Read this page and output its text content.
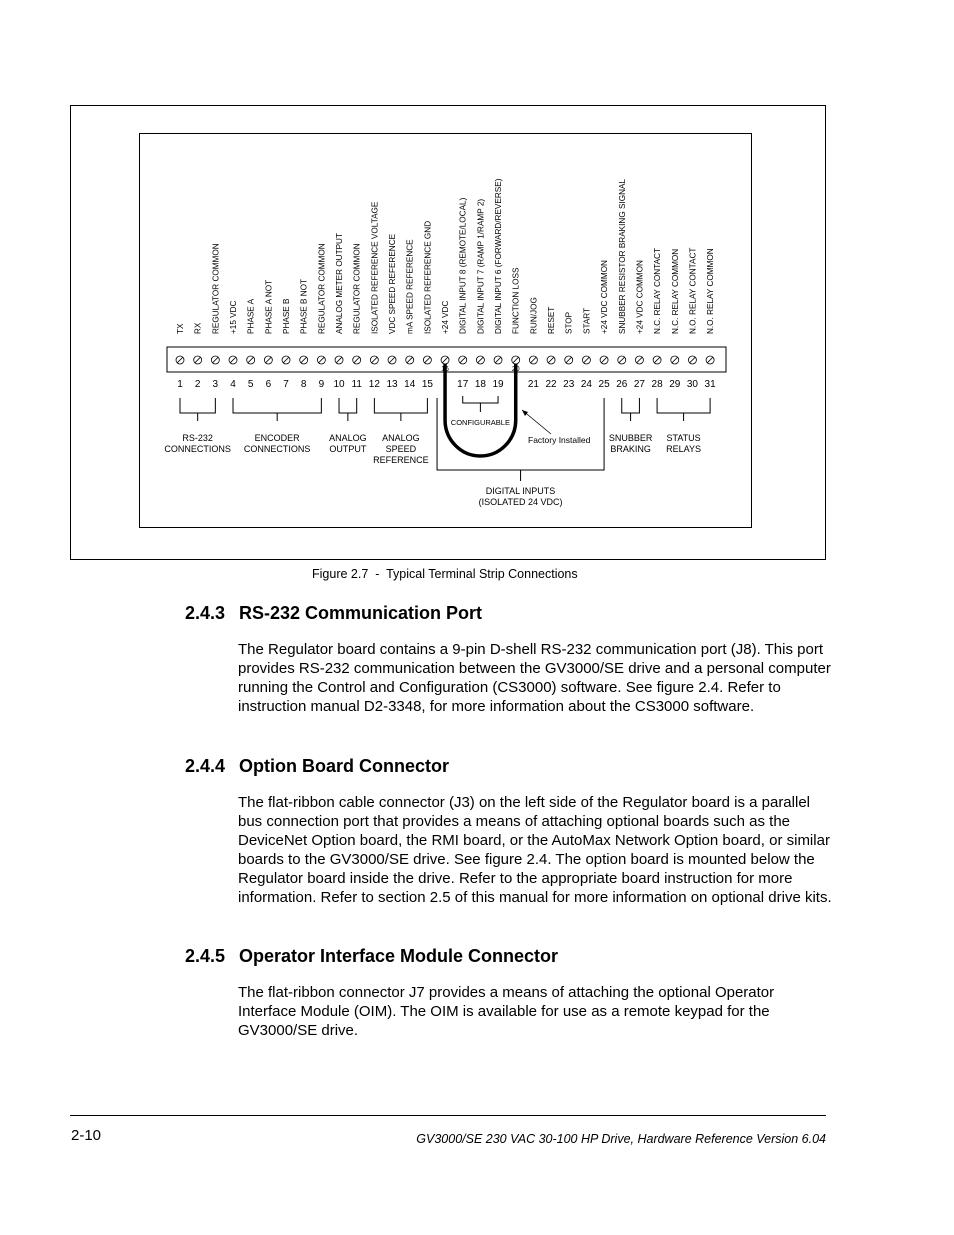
1
TX
2
RX
3
REGULATOR COMMON
4
+15 VDC
5
PHASE A
6
PHASE A NOT
7
PHASE B
8
PHASE B NOT
9
REGULATOR COMMON
10
ANALOG METER OUTPUT
11
REGULATOR COMMON
12
ISOLATED REFERENCE VOLTAGE
13
VDC SPEED REFERENCE
14
mA SPEED REFERENCE
15
ISOLATED REFERENCE GND
16
+24 VDC
17
DIGITAL INPUT 8 (REMOTE/LOCAL)
18
DIGITAL INPUT 7 (RAMP 1/RAMP 2)
19
DIGITAL INPUT 6 (FORWARD/REVERSE)
20
FUNCTION LOSS
21
RUN/JOG
22
RESET
23
STOP
24
START
25
+24 VDC COMMON
26
SNUBBER RESISTOR BRAKING SIGNAL
27
+24 VDC COMMON
28
N.C. RELAY CONTACT
29
N.C. RELAY COMMON
30
N.O. RELAY CONTACT
31
N.O. RELAY COMMON
RS-232
CONNECTIONS
ENCODER
CONNECTIONS
ANALOG
OUTPUT
ANALOG
SPEED
REFERENCE
SNUBBER
BRAKING
STATUS
RELAYS
CONFIGURABLE
Factory Installed
DIGITAL INPUTS
(ISOLATED 24 VDC)
Figure 2.7  -  Typical Terminal Strip Connections
2.4.3 RS-232 Communication Port
The Regulator board contains a 9-pin D-shell RS-232 communication port (J8). This port provides RS-232 communication between the GV3000/SE drive and a personal computer running the Control and Configuration (CS3000) software. See figure 2.4. Refer to instruction manual D2-3348, for more information about the CS3000 software.
2.4.4 Option Board Connector
The flat-ribbon cable connector (J3) on the left side of the Regulator board is a parallel bus connection port that provides a means of attaching optional boards such as the DeviceNet Option board, the RMI board, or the AutoMax Network Option board, or similar boards to the GV3000/SE drive. See figure 2.4. The option board is mounted below the Regulator board inside the drive. Refer to the appropriate board instruction for more information. Refer to section 2.5 of this manual for more information on optional drive kits.
2.4.5 Operator Interface Module Connector
The flat-ribbon connector J7 provides a means of attaching the optional Operator Interface Module (OIM). The OIM is available for use as a remote keypad for the GV3000/SE drive.
2-10	GV3000/SE 230 VAC 30-100 HP Drive, Hardware Reference Version 6.04
